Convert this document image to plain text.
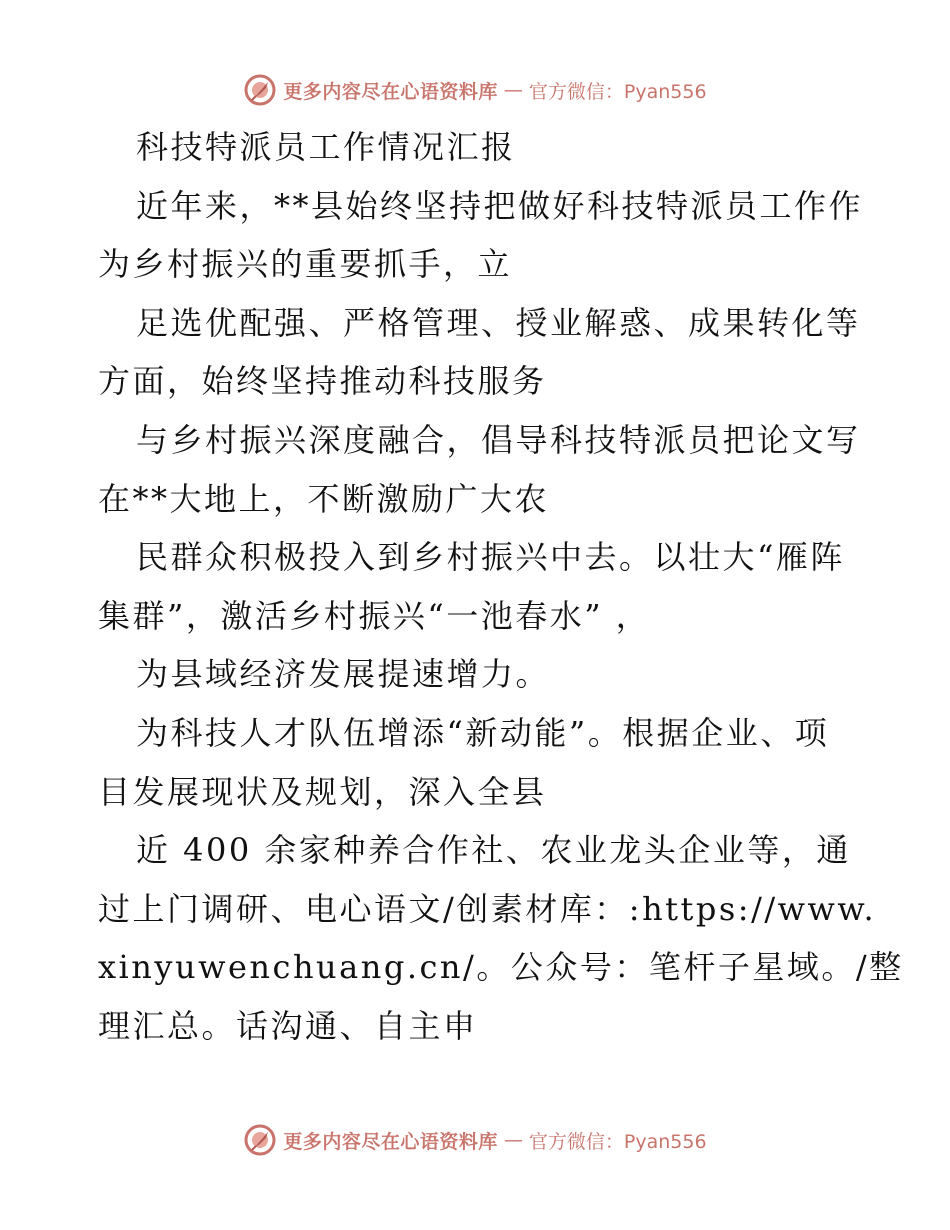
更多内容尽在心语资料库 — 官方微信：Pyan556
科技特派员工作情况汇报
近年来，**县始终坚持把做好科技特派员工作作
为乡村振兴的重要抓手，立
足选优配强、严格管理、授业解惑、成果转化等
方面，始终坚持推动科技服务
与乡村振兴深度融合，倡导科技特派员把论文写
在**大地上，不断激励广大农
民群众积极投入到乡村振兴中去。以壮大“雁阵
集群”，激活乡村振兴“一池春水” ，
为县域经济发展提速增力。
为科技人才队伍增添“新动能”。根据企业、项
目发展现状及规划，深入全县
近 400 余家种养合作社、农业龙头企业等，通
过上门调研、电心语文/创素材库：:https://www.
xinyuwenchuang.cn/。公众号：笔杆子星域。/整
理汇总。话沟通、自主申
更多内容尽在心语资料库 — 官方微信：Pyan556
